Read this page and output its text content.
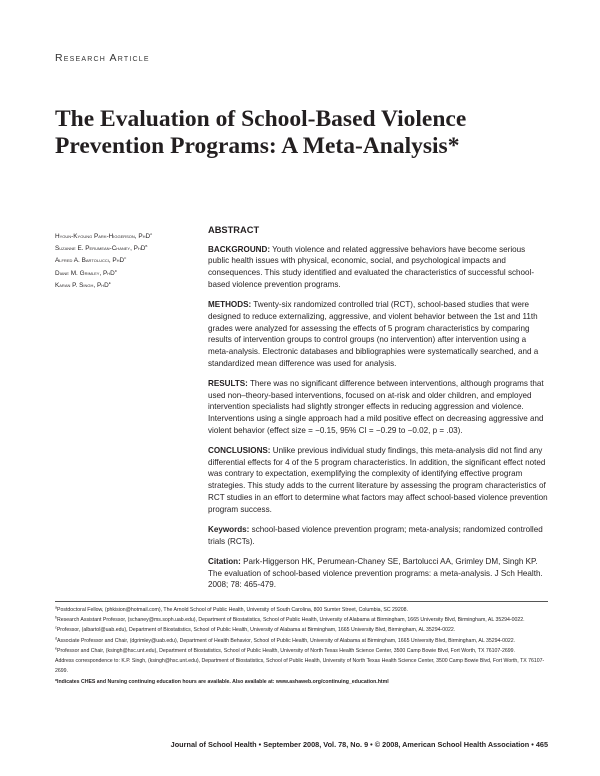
Research Article
The Evaluation of School-Based Violence
Prevention Programs: A Meta-Analysis*
Hyoun-Kyoung Park-Higgerson, PhD$^a$
Suzanne E. Perumean-Chaney, PhD$^b$
Alfred A. Bartolucci, PhD$^c$
Diane M. Grimley, PhD$^d$
Karan P. Singh, PhD$^e$
ABSTRACT

BACKGROUND: Youth violence and related aggressive behaviors have become serious public health issues with physical, economic, social, and psychological impacts and consequences. This study identified and evaluated the characteristics of successful school-based violence prevention programs.

METHODS: Twenty-six randomized controlled trial (RCT), school-based studies that were designed to reduce externalizing, aggressive, and violent behavior between the 1st and 11th grades were analyzed for assessing the effects of 5 program characteristics by comparing results of intervention groups to control groups (no intervention) after intervention using a meta-analysis. Electronic databases and bibliographies were systematically searched, and a standardized mean difference was used for analysis.

RESULTS: There was no significant difference between interventions, although programs that used non–theory-based interventions, focused on at-risk and older children, and employed intervention specialists had slightly stronger effects in reducing aggression and violence. Interventions using a single approach had a mild positive effect on decreasing aggressive and violent behavior (effect size = −0.15, 95% CI = −0.29 to −0.02, p = .03).

CONCLUSIONS: Unlike previous individual study findings, this meta-analysis did not find any differential effects for 4 of the 5 program characteristics. In addition, the significant effect noted was contrary to expectation, exemplifying the complexity of identifying effective program strategies. This study adds to the current literature by assessing the program characteristics of RCT studies in an effort to determine what factors may affect school-based violence prevention program success.

Keywords: school-based violence prevention program; meta-analysis; randomized controlled trials (RCTs).

Citation: Park-Higgerson HK, Perumean-Chaney SE, Bartolucci AA, Grimley DM, Singh KP. The evaluation of school-based violence prevention programs: a meta-analysis. J Sch Health. 2008; 78: 465-479.

$^a$Postdoctoral Fellow, (phkision@hotmail.com), The Arnold School of Public Health, University of South Carolina, 800 Sumter Street, Columbia, SC 29208.
$^b$Research Assistant Professor, (schaney@ms.soph.uab.edu), Department of Biostatistics, School of Public Health, University of Alabama at Birmingham, 1665 University Blvd, Birmingham, AL 35294-0022.
$^c$Professor, (albartol@uab.edu), Department of Biostatistics, School of Public Health, University of Alabama at Birmingham, 1665 University Blvd, Birmingham, AL 35294-0022.
$^d$Associate Professor and Chair, (dgrimley@uab.edu), Department of Health Behavior, School of Public Health, University of Alabama at Birmingham, 1665 University Blvd, Birmingham, AL 35294-0022.
$^e$Professor and Chair, (ksingh@hsc.unt.edu), Department of Biostatistics, School of Public Health, University of North Texas Health Science Center, 3500 Camp Bowie Blvd, Fort Worth, TX 76107-2699.
Address correspondence to: K.P. Singh, (ksingh@hsc.unt.edu), Department of Biostatistics, School of Public Health, University of North Texas Health Science Center, 3500 Camp Bowie Blvd, Fort Worth, TX 76107-2699.
*Indicates CHES and Nursing continuing education hours are available. Also available at: www.ashaweb.org/continuing_education.html
Journal of School Health • September 2008, Vol. 78, No. 9 • © 2008, American School Health Association • 465
